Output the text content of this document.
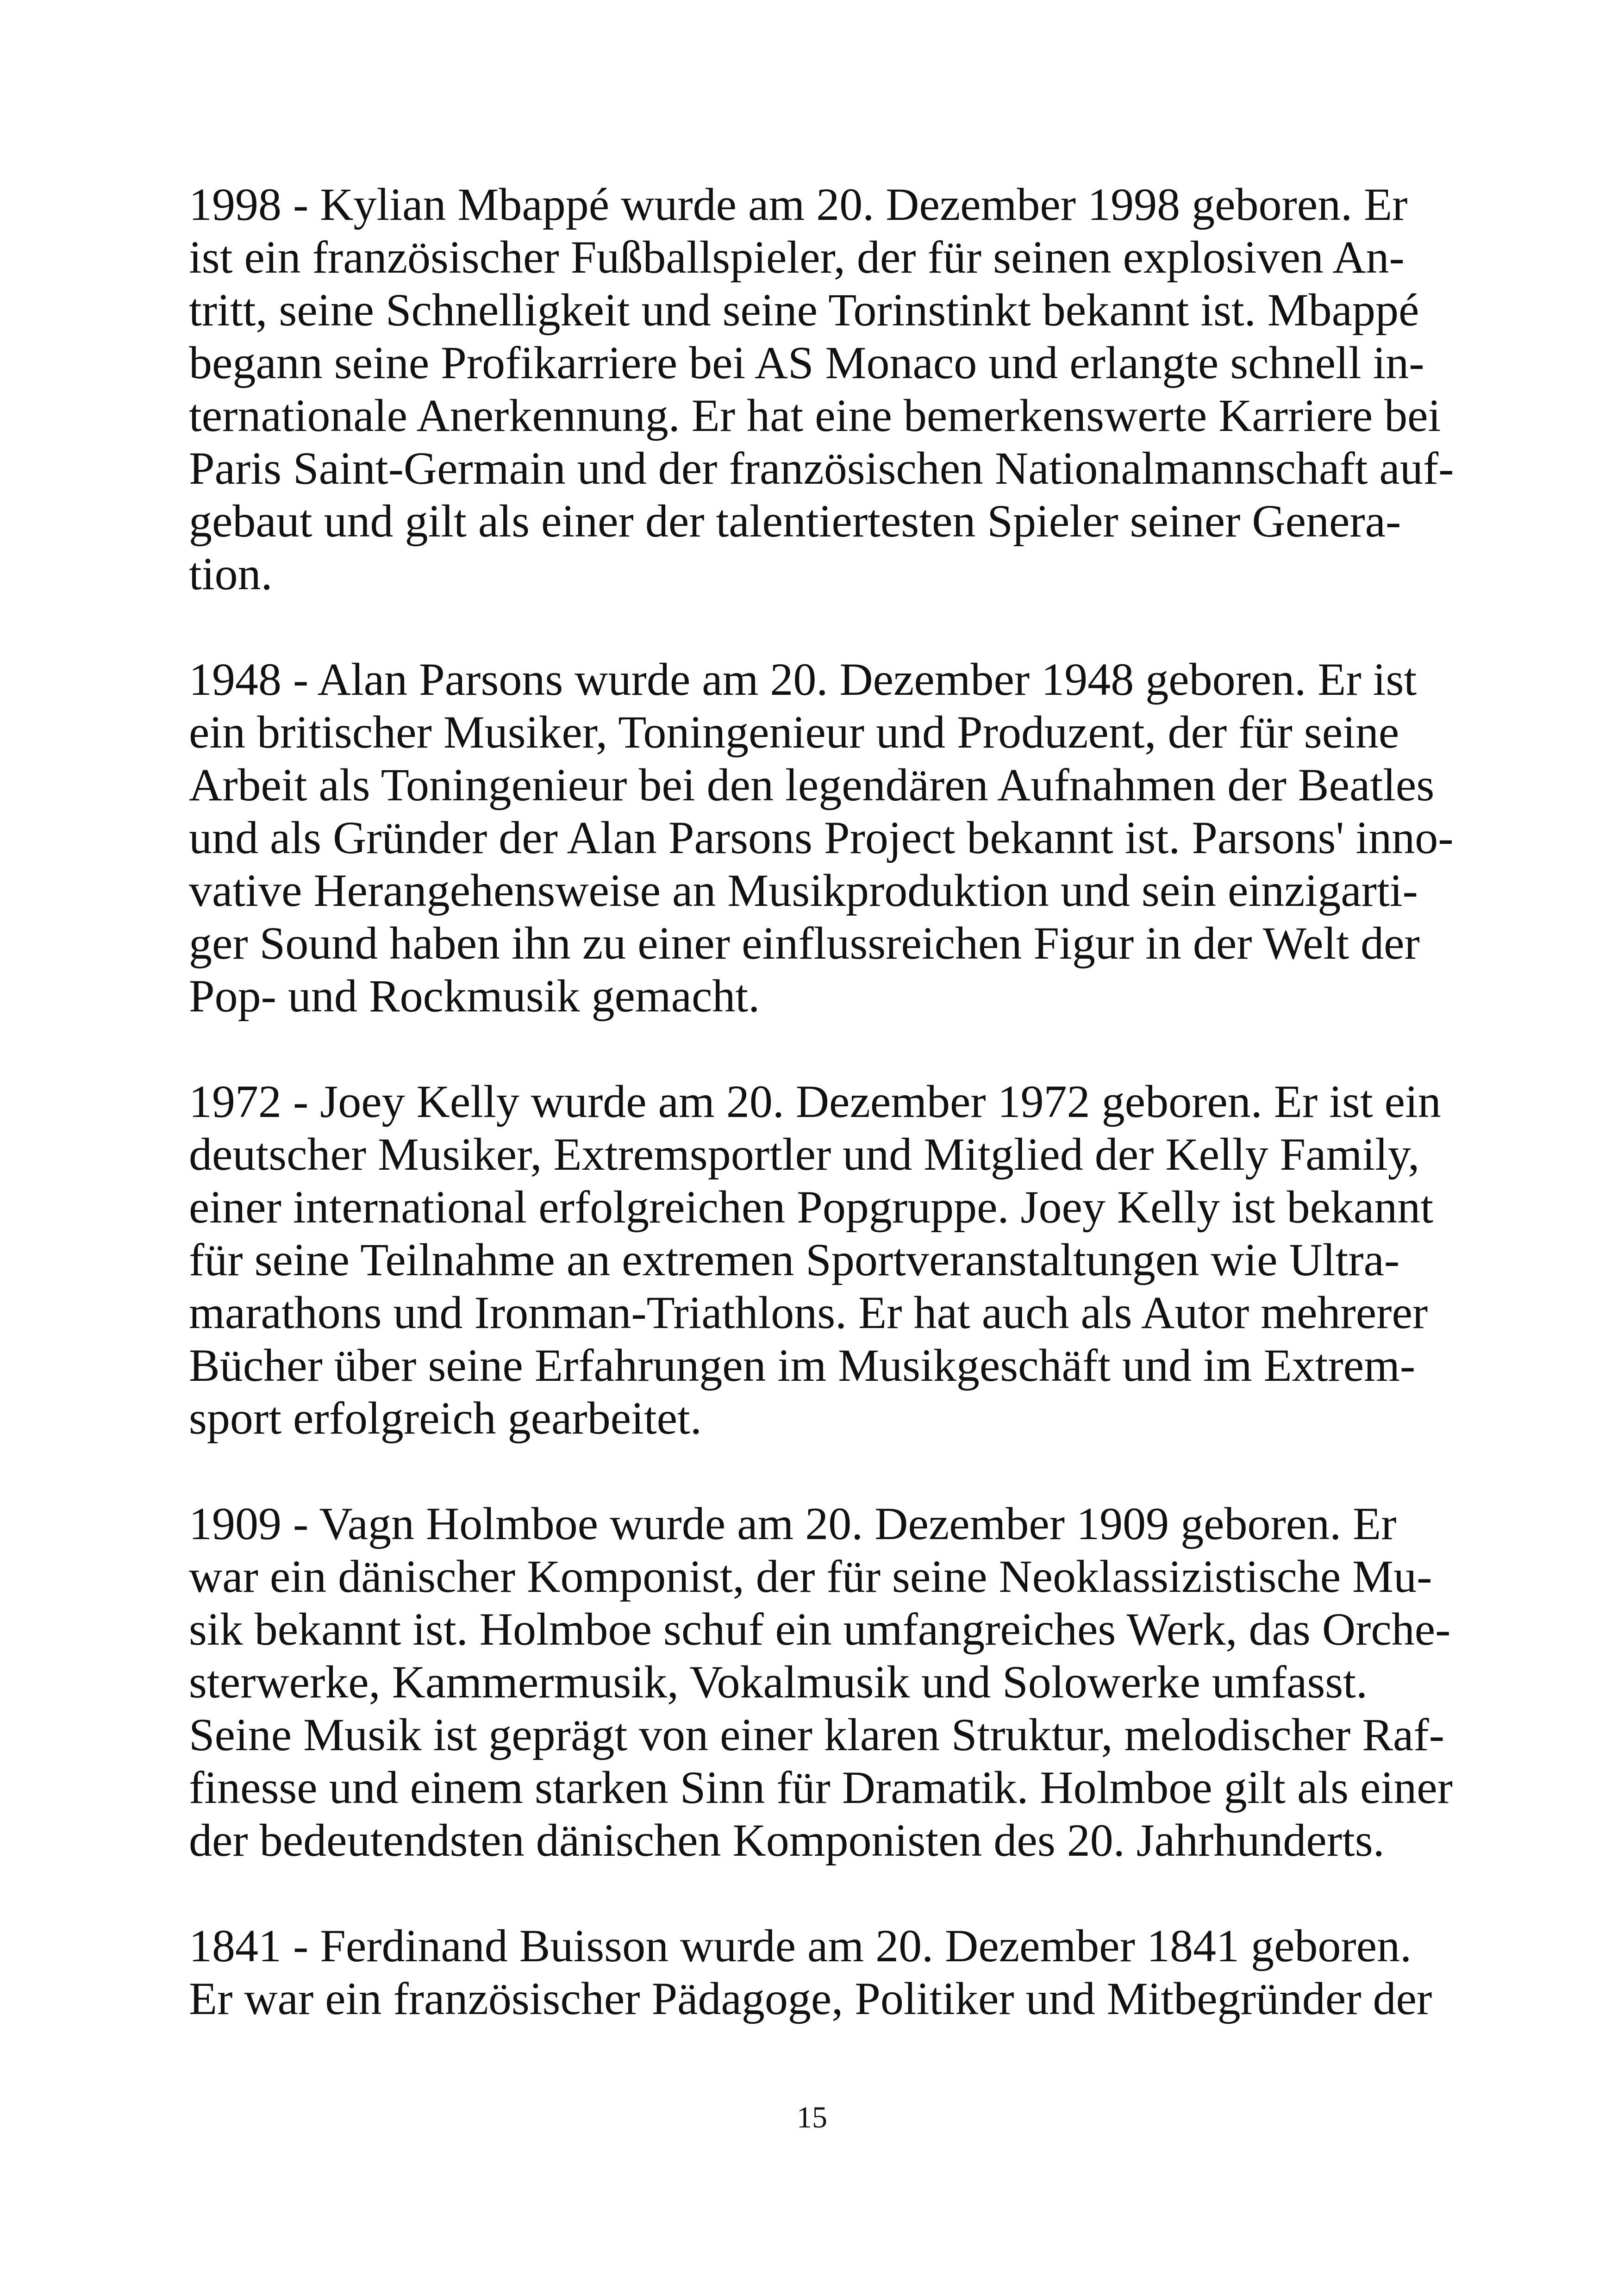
1998 - Kylian Mbappé wurde am 20. Dezember 1998 geboren. Er
ist ein französischer Fußballspieler, der für seinen explosiven An-
tritt, seine Schnelligkeit und seine Torinstinkt bekannt ist. Mbappé
begann seine Profikarriere bei AS Monaco und erlangte schnell in-
ternationale Anerkennung. Er hat eine bemerkenswerte Karriere bei
Paris Saint-Germain und der französischen Nationalmannschaft auf-
gebaut und gilt als einer der talentiertesten Spieler seiner Genera-
tion.

1948 - Alan Parsons wurde am 20. Dezember 1948 geboren. Er ist
ein britischer Musiker, Toningenieur und Produzent, der für seine
Arbeit als Toningenieur bei den legendären Aufnahmen der Beatles
und als Gründer der Alan Parsons Project bekannt ist. Parsons' inno-
vative Herangehensweise an Musikproduktion und sein einzigarti-
ger Sound haben ihn zu einer einflussreichen Figur in der Welt der
Pop- und Rockmusik gemacht.

1972 - Joey Kelly wurde am 20. Dezember 1972 geboren. Er ist ein
deutscher Musiker, Extremsportler und Mitglied der Kelly Family,
einer international erfolgreichen Popgruppe. Joey Kelly ist bekannt
für seine Teilnahme an extremen Sportveranstaltungen wie Ultra-
marathons und Ironman-Triathlons. Er hat auch als Autor mehrerer
Bücher über seine Erfahrungen im Musikgeschäft und im Extrem-
sport erfolgreich gearbeitet.

1909 - Vagn Holmboe wurde am 20. Dezember 1909 geboren. Er
war ein dänischer Komponist, der für seine Neoklassizistische Mu-
sik bekannt ist. Holmboe schuf ein umfangreiches Werk, das Orche-
sterwerke, Kammermusik, Vokalmusik und Solowerke umfasst.
Seine Musik ist geprägt von einer klaren Struktur, melodischer Raf-
finesse und einem starken Sinn für Dramatik. Holmboe gilt als einer
der bedeutendsten dänischen Komponisten des 20. Jahrhunderts.

1841 - Ferdinand Buisson wurde am 20. Dezember 1841 geboren.
Er war ein französischer Pädagoge, Politiker und Mitbegründer der

15
